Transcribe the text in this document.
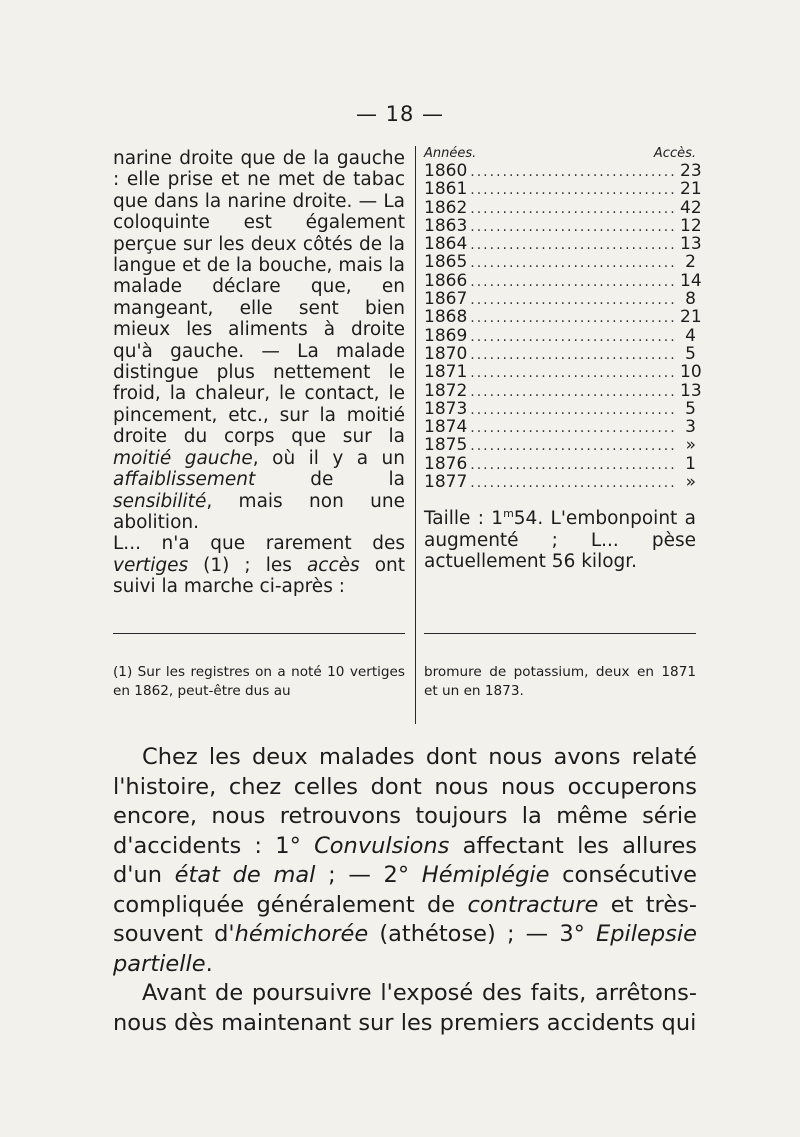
— 18 —

narine droite que de la gauche : elle prise et ne met de tabac que dans la narine droite. — La coloquinte est également perçue sur les deux côtés de la langue et de la bouche, mais la malade déclare que, en mangeant, elle sent bien mieux les aliments à droite qu'à gauche. — La malade distingue plus nettement le froid, la chaleur, le contact, le pincement, etc., sur la moitié droite du corps que sur la moitié gauche, où il y a un affaiblissement de la sensibilité, mais non une abolition.

L... n'a que rarement des vertiges (1) ; les accès ont suivi la marche ci-après :

Années.	Accès.
1860 .....	23
1861 .....	21
1862 .....	42
1863 .....	12
1864 .....	13
1865 .....	2
1866 .....	14
1867 .....	8
1868 .....	21
1869 .....	4
1870 .....	5
1871 .....	10
1872 .....	13
1873 .....	5
1874 .....	3
1875 .....	»
1876 .....	1
1877 .....	»
Taille : 1$^m$54. L'embonpoint a augmenté ; L... pèse actuellement 56 kilogr.
(1) Sur les registres on a noté 10 vertiges en 1862, peut-être dus au
bromure de potassium, deux en 1871 et un en 1873.

Chez les deux malades dont nous avons relaté l'histoire, chez celles dont nous nous occuperons encore, nous retrouvons toujours la même série d'accidents : 1° Convulsions affectant les allures d'un état de mal ; — 2° Hémiplégie consécutive compliquée généralement de contracture et très-souvent d'hémichorée (athétose) ; — 3° Epilepsie partielle.

Avant de poursuivre l'exposé des faits, arrêtons-nous dès maintenant sur les premiers accidents qui
